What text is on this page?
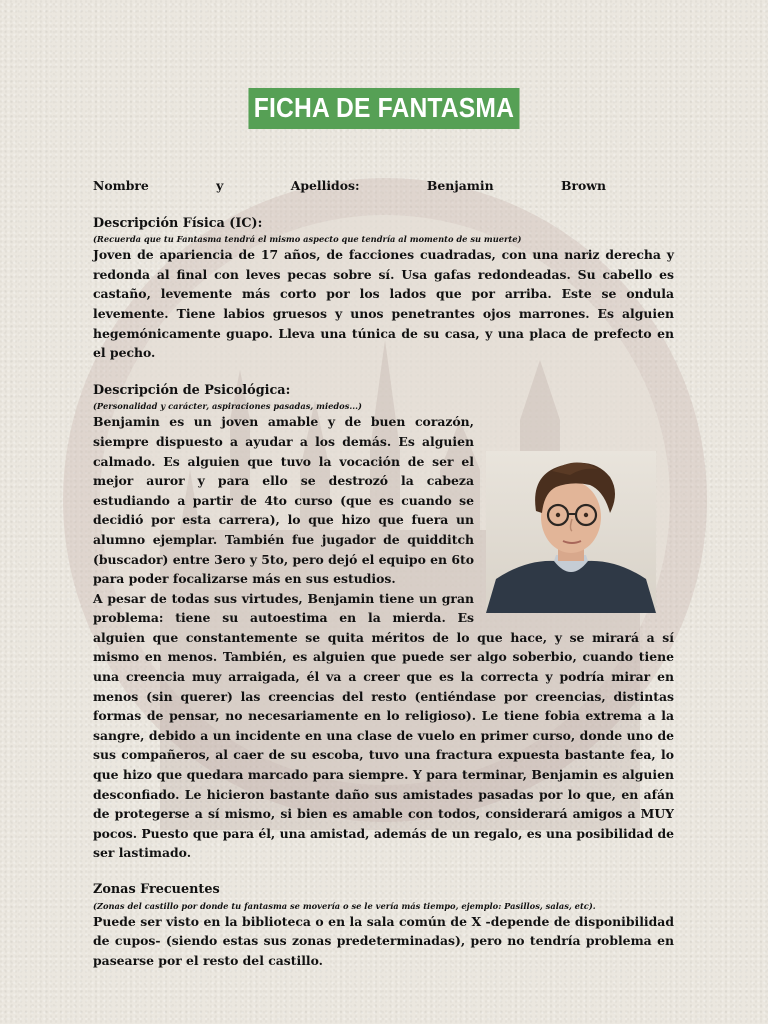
FICHA DE FANTASMA
Nombre	y	Apellidos:	Benjamin	Brown
Descripción Física (IC):
(Recuerda que tu Fantasma tendrá el mismo aspecto que tendría al momento de su muerte)

Joven de apariencia de 17 años, de facciones cuadradas, con una nariz derecha y redonda al final con leves pecas sobre sí. Usa gafas redondeadas. Su cabello es castaño, levemente más corto por los lados que por arriba. Este se ondula levemente. Tiene labios gruesos y unos penetrantes ojos marrones. Es alguien hegemónicamente guapo. Lleva una túnica de su casa, y una placa de prefecto en el pecho.

Descripción de Psicológica:
(Personalidad y carácter, aspiraciones pasadas, miedos...)

Benjamin es un joven amable y de buen corazón, siempre dispuesto a ayudar a los demás. Es alguien calmado. Es alguien que tuvo la vocación de ser el mejor auror y para ello se destrozó la cabeza estudiando a partir de 4to curso (que es cuando se decidió por esta carrera), lo que hizo que fuera un alumno ejemplar. También fue jugador de quidditch (buscador) entre 3ero y 5to, pero dejó el equipo en 6to para poder focalizarse más en sus estudios.

A pesar de todas sus virtudes, Benjamin tiene un gran problema: tiene su autoestima en la mierda. Es alguien que constantemente se quita méritos de lo que hace, y se mirará a sí mismo en menos. También, es alguien que puede ser algo soberbio, cuando tiene una creencia muy arraigada, él va a creer que es la correcta y podría mirar en menos (sin querer) las creencias del resto (entiéndase por creencias, distintas formas de pensar, no necesariamente en lo religioso). Le tiene fobia extrema a la sangre, debido a un incidente en una clase de vuelo en primer curso, donde uno de sus compañeros, al caer de su escoba, tuvo una fractura expuesta bastante fea, lo que hizo que quedara marcado para siempre. Y para terminar, Benjamin es alguien desconfiado. Le hicieron bastante daño sus amistades pasadas por lo que, en afán de protegerse a sí mismo, si bien es amable con todos, considerará amigos a MUY pocos. Puesto que para él, una amistad, además de un regalo, es una posibilidad de ser lastimado.

Zonas Frecuentes
(Zonas del castillo por donde tu fantasma se movería o se le vería más tiempo, ejemplo: Pasillos, salas, etc).

Puede ser visto en la biblioteca o en la sala común de X -depende de disponibilidad de cupos- (siendo estas sus zonas predeterminadas), pero no tendría problema en pasearse por el resto del castillo.
